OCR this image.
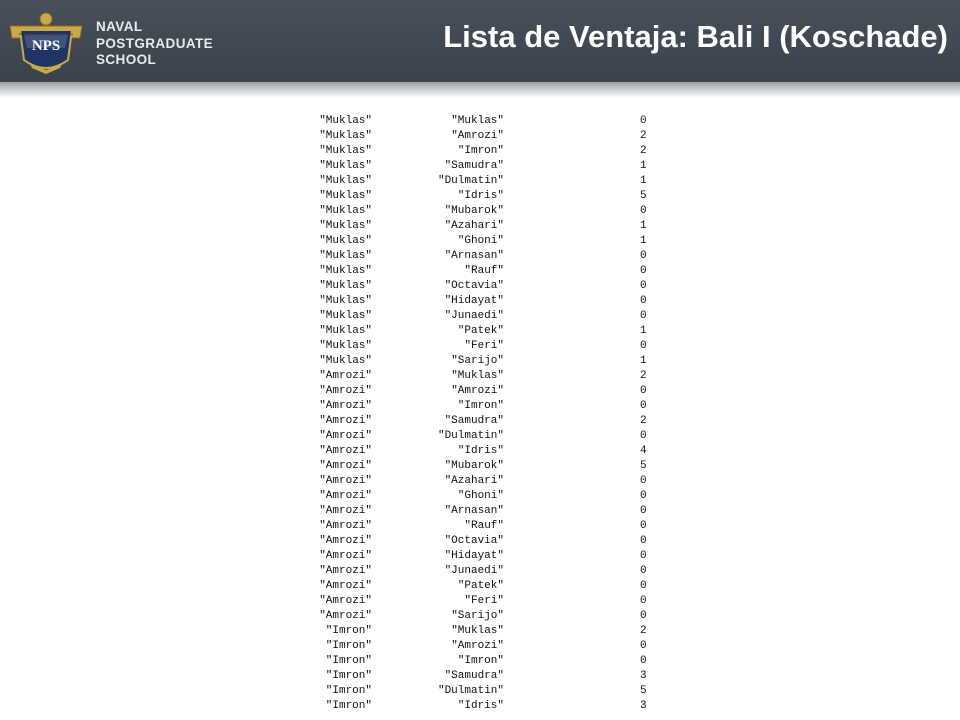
NPS
PRAESTANTIA PER SCIENTIAM
NAVAL
POSTGRADUATE
SCHOOL
Lista de Ventaja: Bali I (Koschade)
"Muklas"	"Muklas"	0
"Muklas"	"Amrozi"	2
"Muklas"	"Imron"	2
"Muklas"	"Samudra"	1
"Muklas"	"Dulmatin"	1
"Muklas"	"Idris"	5
"Muklas"	"Mubarok"	0
"Muklas"	"Azahari"	1
"Muklas"	"Ghoni"	1
"Muklas"	"Arnasan"	0
"Muklas"	"Rauf"	0
"Muklas"	"Octavia"	0
"Muklas"	"Hidayat"	0
"Muklas"	"Junaedi"	0
"Muklas"	"Patek"	1
"Muklas"	"Feri"	0
"Muklas"	"Sarijo"	1
"Amrozi"	"Muklas"	2
"Amrozi"	"Amrozi"	0
"Amrozi"	"Imron"	0
"Amrozi"	"Samudra"	2
"Amrozi"	"Dulmatin"	0
"Amrozi"	"Idris"	4
"Amrozi"	"Mubarok"	5
"Amrozi"	"Azahari"	0
"Amrozi"	"Ghoni"	0
"Amrozi"	"Arnasan"	0
"Amrozi"	"Rauf"	0
"Amrozi"	"Octavia"	0
"Amrozi"	"Hidayat"	0
"Amrozi"	"Junaedi"	0
"Amrozi"	"Patek"	0
"Amrozi"	"Feri"	0
"Amrozi"	"Sarijo"	0
"Imron"	"Muklas"	2
"Imron"	"Amrozi"	0
"Imron"	"Imron"	0
"Imron"	"Samudra"	3
"Imron"	"Dulmatin"	5
"Imron"	"Idris"	3
